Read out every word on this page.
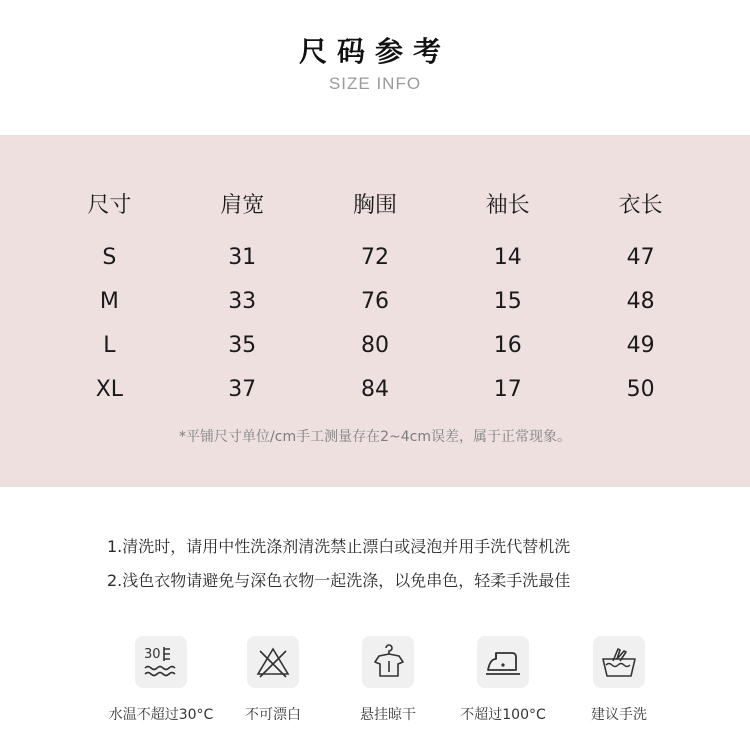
尺码参考
SIZE INFO
尺寸	肩宽	胸围	袖长	衣长
S	31	72	14	47
M	33	76	15	48
L	35	80	16	49
XL	37	84	17	50
*平铺尺寸单位/cm手工测量存在2~4cm误差，属于正常现象。
1.清洗时，请用中性洗涤剂清洗禁止漂白或浸泡并用手洗代替机洗
2.浅色衣物请避免与深色衣物一起洗涤，以免串色，轻柔手洗最佳
30
水温不超过30°C	不可漂白	悬挂晾干	不超过100°C	建议手洗
